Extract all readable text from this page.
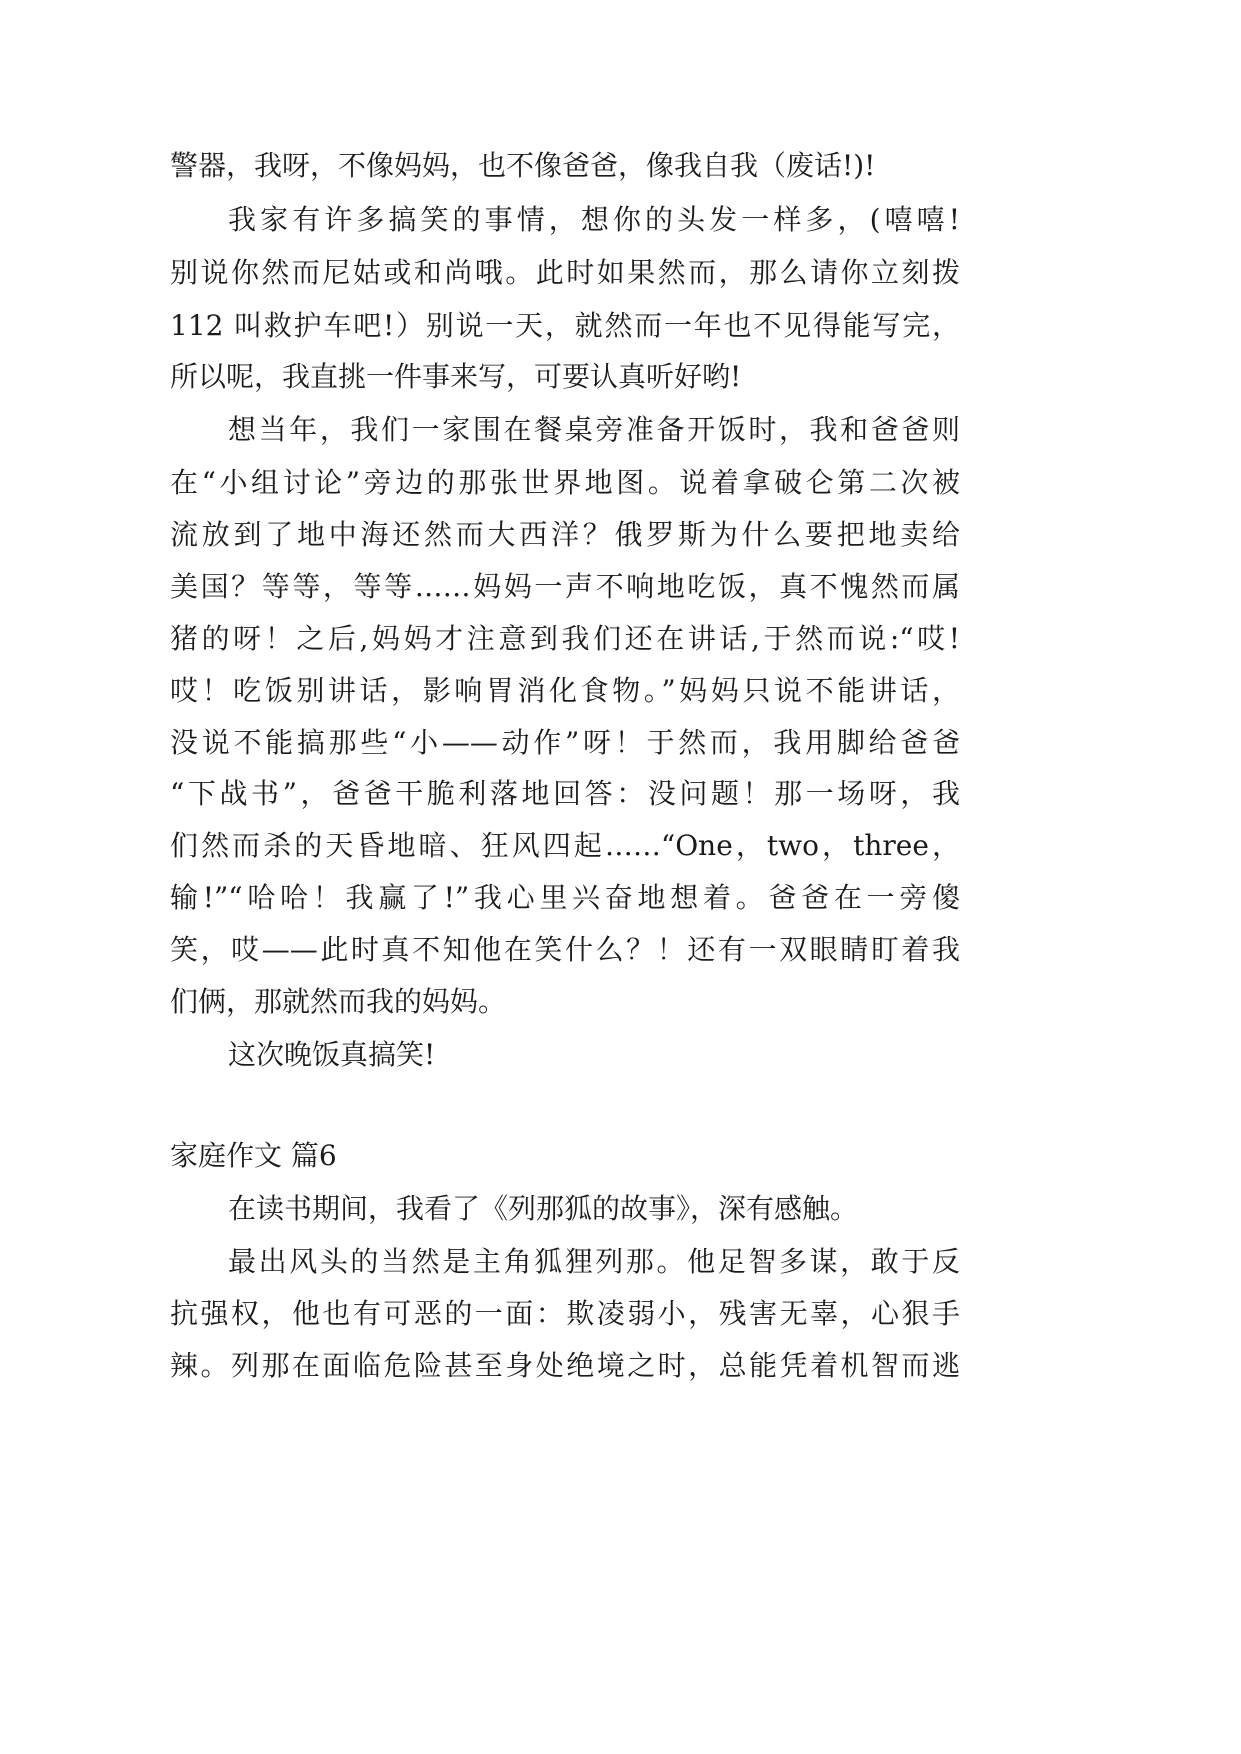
警器，我呀，不像妈妈，也不像爸爸，像我自我（废话!)!
我家有许多搞笑的事情，想你的头发一样多，(嘻嘻!
别说你然而尼姑或和尚哦。此时如果然而，那么请你立刻拨
112 叫救护车吧!）别说一天，就然而一年也不见得能写完，
所以呢，我直挑一件事来写，可要认真听好哟!
想当年，我们一家围在餐桌旁准备开饭时，我和爸爸则
在“小组讨论”旁边的那张世界地图。说着拿破仑第二次被
流放到了地中海还然而大西洋？俄罗斯为什么要把地卖给
美国？等等，等等……妈妈一声不响地吃饭，真不愧然而属
猪的呀！之后,妈妈才注意到我们还在讲话,于然而说:“哎!
哎！吃饭别讲话，影响胃消化食物。”妈妈只说不能讲话，
没说不能搞那些“小——动作”呀！于然而，我用脚给爸爸
“下战书”，爸爸干脆利落地回答：没问题！那一场呀，我
们然而杀的天昏地暗、狂风四起……“One，two，three，
输!”“哈哈！我赢了!”我心里兴奋地想着。爸爸在一旁傻
笑，哎——此时真不知他在笑什么？！还有一双眼睛盯着我
们俩，那就然而我的妈妈。
这次晚饭真搞笑!
家庭作文 篇6
在读书期间，我看了《列那狐的故事》，深有感触。
最出风头的当然是主角狐狸列那。他足智多谋，敢于反
抗强权，他也有可恶的一面：欺凌弱小，残害无辜，心狠手
辣。列那在面临危险甚至身处绝境之时，总能凭着机智而逃
